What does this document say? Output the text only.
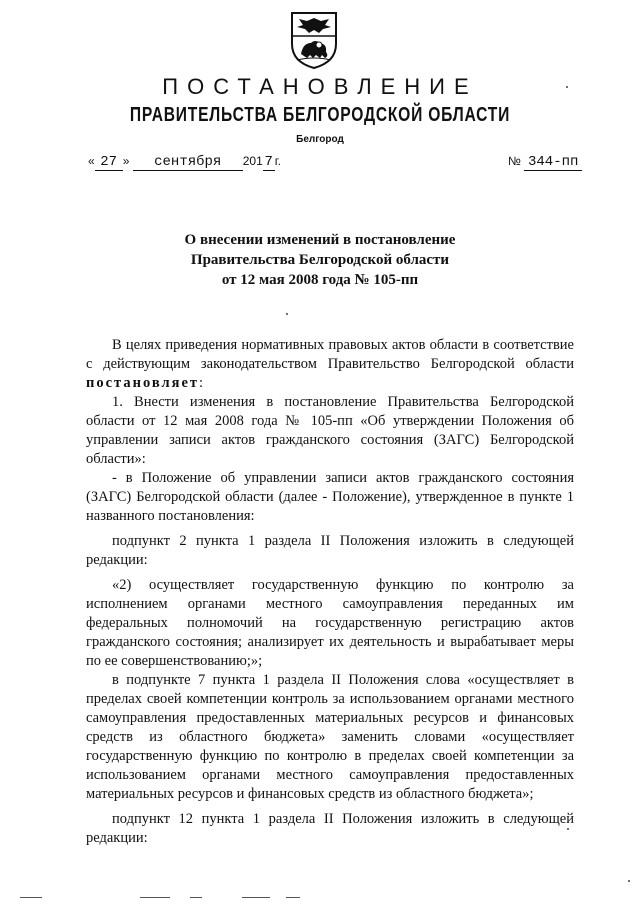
ПОСТАНОВЛЕНИЕ
ПРАВИТЕЛЬСТВА БЕЛГОРОДСКОЙ ОБЛАСТИ
Белгород
« 27 » сентября 201 7 г.	№ 344-пп
О внесении изменений в постановление
Правительства Белгородской области
от 12 мая 2008 года № 105-пп

В целях приведения нормативных правовых актов области в соответствие с действующим законодательством Правительство Белгородской области постановляет:

1. Внести изменения в постановление Правительства Белгородской области от 12 мая 2008 года № 105-пп «Об утверждении Положения об управлении записи актов гражданского состояния (ЗАГС) Белгородской области»:

- в Положение об управлении записи актов гражданского состояния (ЗАГС) Белгородской области (далее - Положение), утвержденное в пункте 1 названного постановления:

подпункт 2 пункта 1 раздела II Положения изложить в следующей редакции:

«2) осуществляет государственную функцию по контролю за исполнением органами местного самоуправления переданных им федеральных полномочий на государственную регистрацию актов гражданского состояния; анализирует их деятельность и вырабатывает меры по ее совершенствованию;»;

в подпункте 7 пункта 1 раздела II Положения слова «осуществляет в пределах своей компетенции контроль за использованием органами местного самоуправления предоставленных материальных ресурсов и финансовых средств из областного бюджета» заменить словами «осуществляет государственную функцию по контролю в пределах своей компетенции за использованием органами местного самоуправления предоставленных материальных ресурсов и финансовых средств из областного бюджета»;

подпункт 12 пункта 1 раздела II Положения изложить в следующей редакции:
